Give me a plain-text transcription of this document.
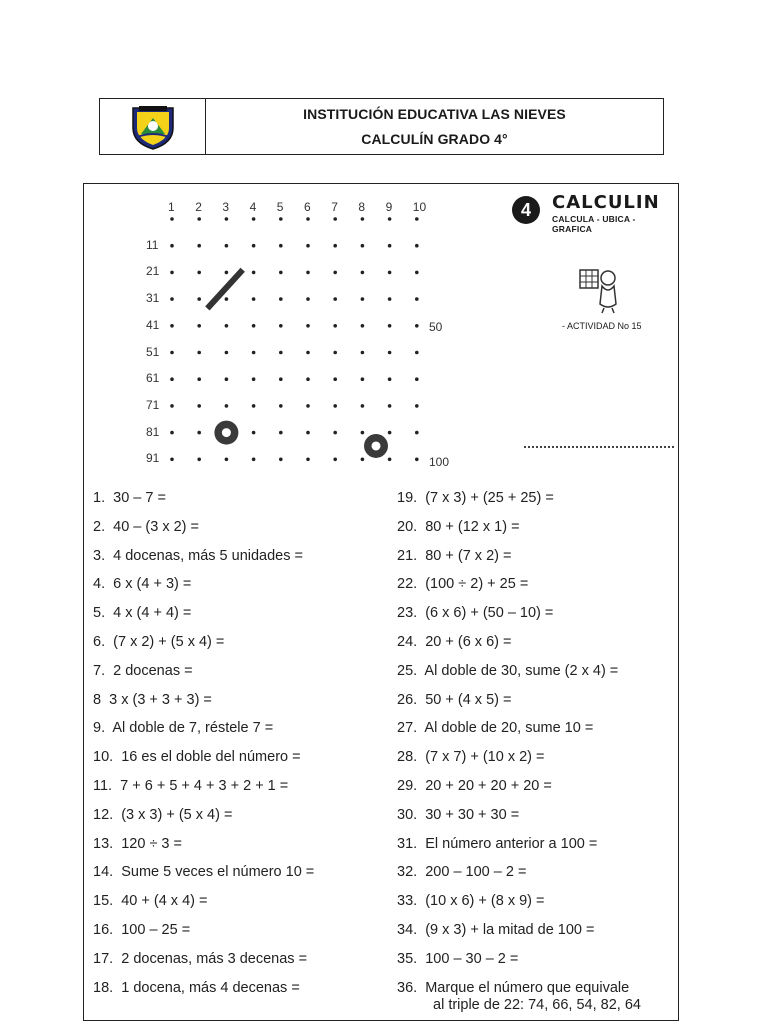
INSTITUCIÓN EDUCATIVA LAS NIEVES
CALCULÍN GRADO 4°
1 2 3 4 5 6 7 8 9 10
11
21
31
41
51
61
71
81
91
50
100
4	CALCULIN
CALCULA - UBICA - GRAFICA
- ACTIVIDAD No 15
1.  30 – 7 =
2.  40 – (3 x 2) =
3.  4 docenas, más 5 unidades =
4.  6 x (4 + 3) =
5.  4 x (4 + 4) =
6.  (7 x 2) + (5 x 4) =
7.  2 docenas =
8  3 x (3 + 3 + 3) =
9.  Al doble de 7, réstele 7 =
10.  16 es el doble del número =
11.  7 + 6 + 5 + 4 + 3 + 2 + 1 =
12.  (3 x 3) + (5 x 4) =
13.  120 ÷ 3 =
14.  Sume 5 veces el número 10 =
15.  40 + (4 x 4) =
16.  100 – 25 =
17.  2 docenas, más 3 decenas =
18.  1 docena, más 4 decenas =
19.  (7 x 3) + (25 + 25) =
20.  80 + (12 x 1) =
21.  80 + (7 x 2) =
22.  (100 ÷ 2) + 25 =
23.  (6 x 6) + (50 – 10) =
24.  20 + (6 x 6) =
25.  Al doble de 30, sume (2 x 4) =
26.  50 + (4 x 5) =
27.  Al doble de 20, sume 10 =
28.  (7 x 7) + (10 x 2) =
29.  20 + 20 + 20 + 20 =
30.  30 + 30 + 30 =
31.  El número anterior a 100 =
32.  200 – 100 – 2 =
33.  (10 x 6) + (8 x 9) =
34.  (9 x 3) + la mitad de 100 =
35.  100 – 30 – 2 =
36.  Marque el número que equivale
al triple de 22: 74, 66, 54, 82, 64
